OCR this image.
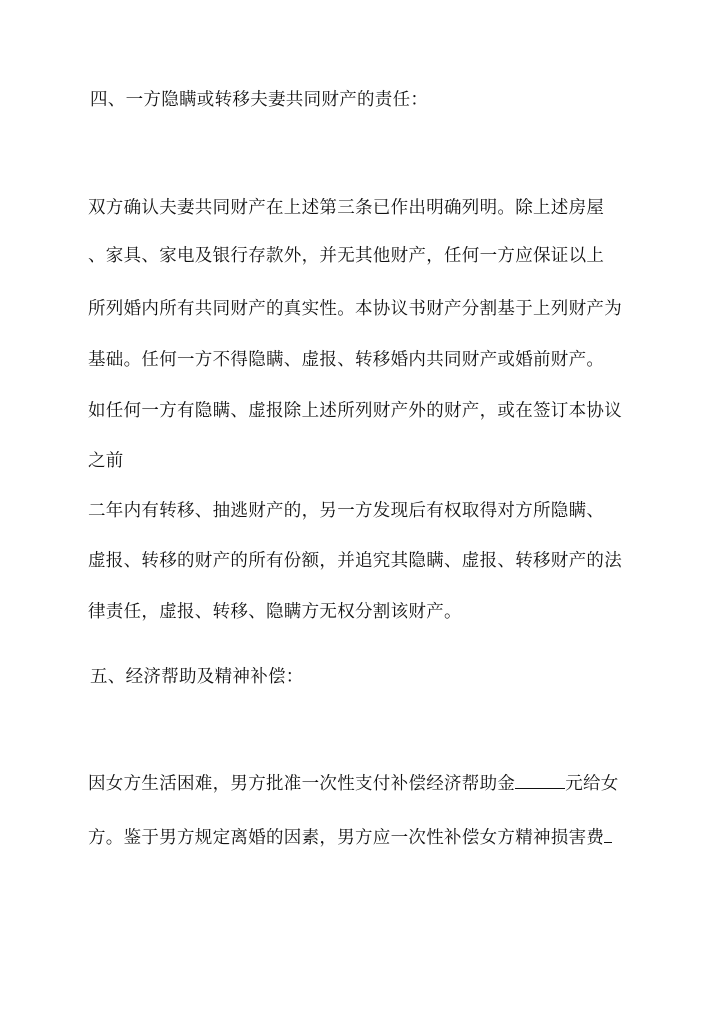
四、一方隐瞒或转移夫妻共同财产的责任：
双方确认夫妻共同财产在上述第三条已作出明确列明。除上述房屋
、家具、家电及银行存款外，并无其他财产，任何一方应保证以上
所列婚内所有共同财产的真实性。本协议书财产分割基于上列财产为
基础。任何一方不得隐瞒、虚报、转移婚内共同财产或婚前财产。
如任何一方有隐瞒、虚报除上述所列财产外的财产，或在签订本协议
之前
二年内有转移、抽逃财产的，另一方发现后有权取得对方所隐瞒、
虚报、转移的财产的所有份额，并追究其隐瞒、虚报、转移财产的法
律责任，虚报、转移、隐瞒方无权分割该财产。
五、经济帮助及精神补偿：
因女方生活困难，男方批准一次性支付补偿经济帮助金	元给女
方。鉴于男方规定离婚的因素，男方应一次性补偿女方精神损害费
